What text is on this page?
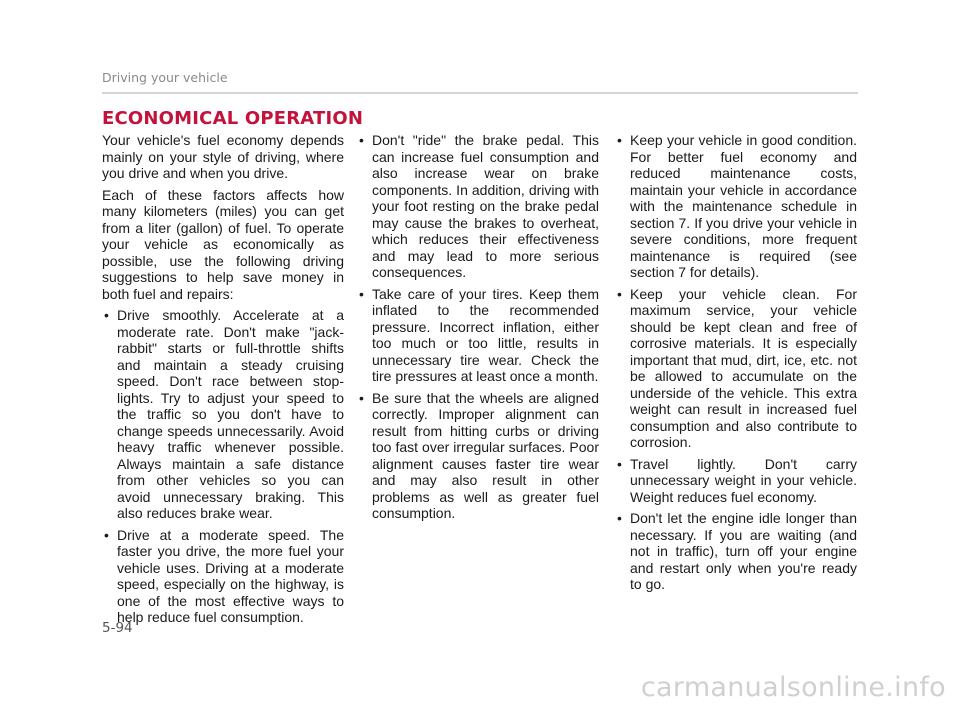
Driving your vehicle
ECONOMICAL OPERATION

Your vehicle's fuel economy depends mainly on your style of driving, where you drive and when you drive.

Each of these factors affects how many kilometers (miles) you can get from a liter (gallon) of fuel. To operate your vehicle as economically as possible, use the following driving suggestions to help save money in both fuel and repairs:

• Drive smoothly. Accelerate at a moderate rate. Don't make "jack-rabbit" starts or full-throttle shifts and maintain a steady cruising speed. Don't race between stop-lights. Try to adjust your speed to the traffic so you don't have to change speeds unnecessarily. Avoid heavy traffic whenever possible. Always maintain a safe distance from other vehicles so you can avoid unnecessary braking. This also reduces brake wear.
• Drive at a moderate speed. The faster you drive, the more fuel your vehicle uses. Driving at a moderate speed, especially on the highway, is one of the most effective ways to help reduce fuel consumption.
• Don't "ride" the brake pedal. This can increase fuel consumption and also increase wear on brake components. In addition, driving with your foot resting on the brake pedal may cause the brakes to overheat, which reduces their effectiveness and may lead to more serious consequences.
• Take care of your tires. Keep them inflated to the recommended pressure. Incorrect inflation, either too much or too little, results in unnecessary tire wear. Check the tire pressures at least once a month.
• Be sure that the wheels are aligned correctly. Improper alignment can result from hitting curbs or driving too fast over irregular surfaces. Poor alignment causes faster tire wear and may also result in other problems as well as greater fuel consumption.
• Keep your vehicle in good condition. For better fuel economy and reduced maintenance costs, maintain your vehicle in accordance with the maintenance schedule in section 7. If you drive your vehicle in severe conditions, more frequent maintenance is required (see section 7 for details).
• Keep your vehicle clean. For maximum service, your vehicle should be kept clean and free of corrosive materials. It is especially important that mud, dirt, ice, etc. not be allowed to accumulate on the underside of the vehicle. This extra weight can result in increased fuel consumption and also contribute to corrosion.
• Travel lightly. Don't carry unnecessary weight in your vehicle. Weight reduces fuel economy.
• Don't let the engine idle longer than necessary. If you are waiting (and not in traffic), turn off your engine and restart only when you're ready to go.
5-94
carmanualsonline.info
